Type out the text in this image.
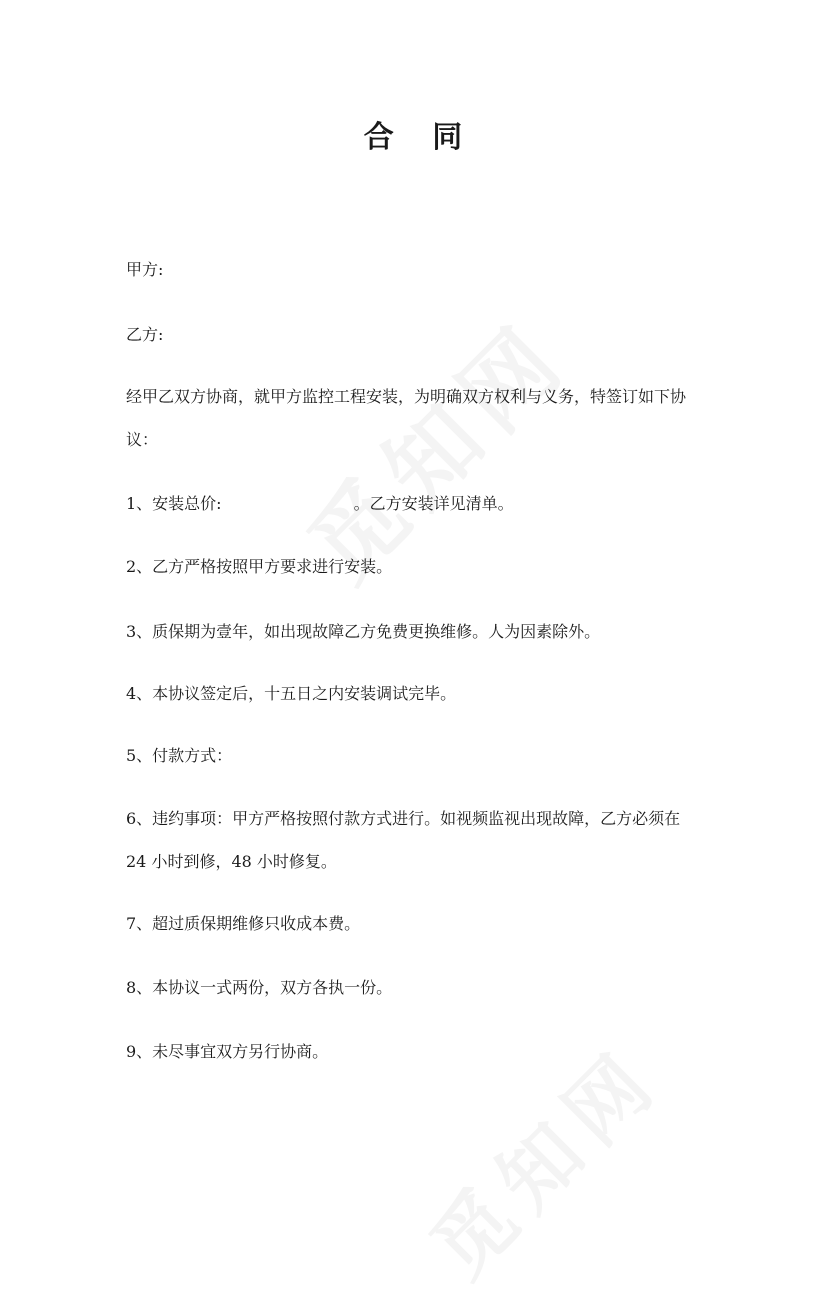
合 同
甲方:
乙方:
经甲乙双方协商，就甲方监控工程安装，为明确双方权利与义务，特签订如下协
议：
1、安装总价:	。乙方安装详见清单。
2、乙方严格按照甲方要求进行安装。
3、质保期为壹年，如出现故障乙方免费更换维修。人为因素除外。
4、本协议签定后，十五日之内安装调试完毕。
5、付款方式：
6、违约事项：甲方严格按照付款方式进行。如视频监视出现故障，乙方必须在
24 小时到修，48 小时修复。
7、超过质保期维修只收成本费。
8、本协议一式两份，双方各执一份。
9、未尽事宜双方另行协商。
